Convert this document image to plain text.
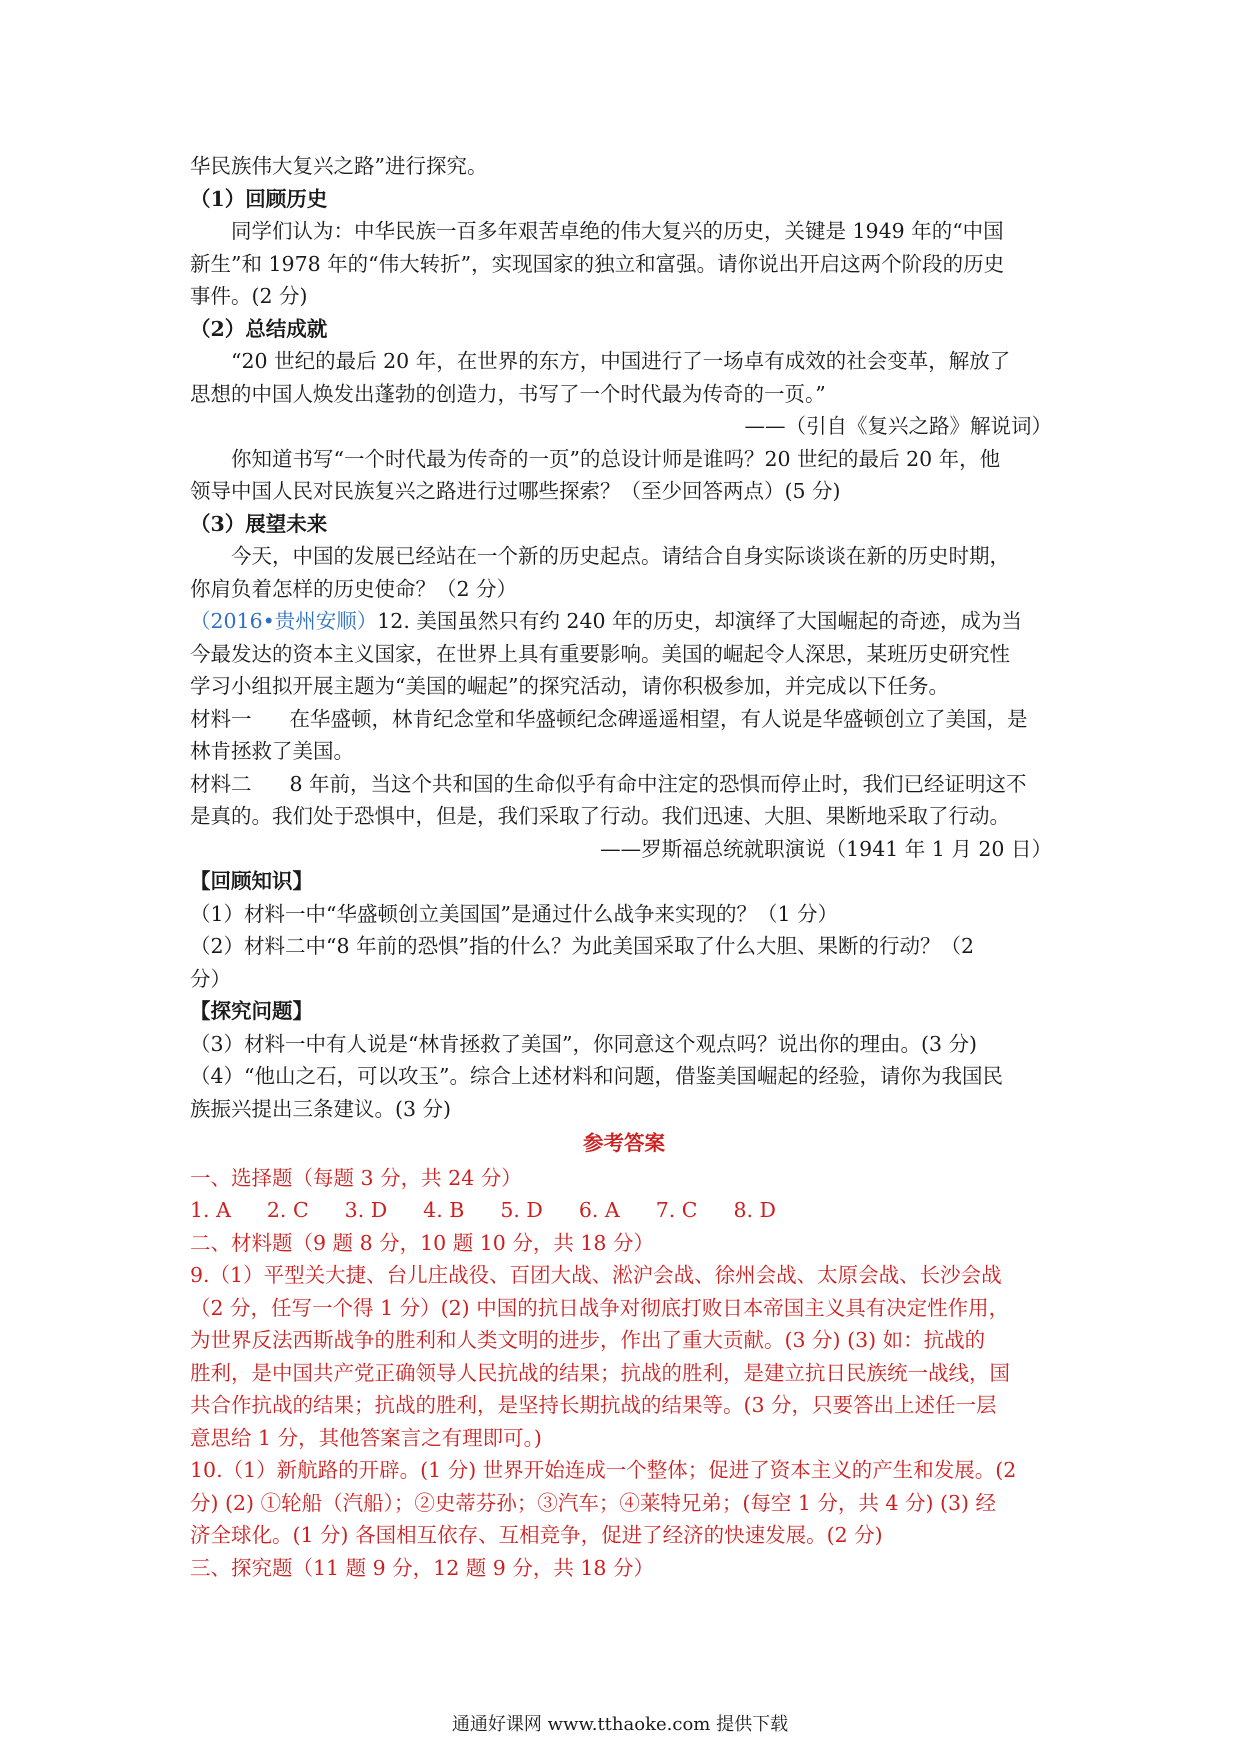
华民族伟大复兴之路”进行探究。
（1）回顾历史
同学们认为：中华民族一百多年艰苦卓绝的伟大复兴的历史，关键是 1949 年的“中国
新生”和 1978 年的“伟大转折”，实现国家的独立和富强。请你说出开启这两个阶段的历史
事件。(2 分)
（2）总结成就
“20 世纪的最后 20 年，在世界的东方，中国进行了一场卓有成效的社会变革，解放了
思想的中国人焕发出蓬勃的创造力，书写了一个时代最为传奇的一页。”
——（引自《复兴之路》解说词）
你知道书写“一个时代最为传奇的一页”的总设计师是谁吗？20 世纪的最后 20 年，他
领导中国人民对民族复兴之路进行过哪些探索？（至少回答两点）(5 分)
（3）展望未来
今天，中国的发展已经站在一个新的历史起点。请结合自身实际谈谈在新的历史时期，
你肩负着怎样的历史使命？（2 分）
（2016•贵州安顺）12. 美国虽然只有约 240 年的历史，却演绎了大国崛起的奇迹，成为当
今最发达的资本主义国家，在世界上具有重要影响。美国的崛起令人深思，某班历史研究性
学习小组拟开展主题为“美国的崛起”的探究活动，请你积极参加，并完成以下任务。
材料一 在华盛顿，林肯纪念堂和华盛顿纪念碑遥遥相望，有人说是华盛顿创立了美国，是
林肯拯救了美国。
材料二 8 年前，当这个共和国的生命似乎有命中注定的恐惧而停止时，我们已经证明这不
是真的。我们处于恐惧中，但是，我们采取了行动。我们迅速、大胆、果断地采取了行动。
——罗斯福总统就职演说（1941 年 1 月 20 日）
【回顾知识】
（1）材料一中“华盛顿创立美国国”是通过什么战争来实现的？（1 分）
（2）材料二中“8 年前的恐惧”指的什么？为此美国采取了什么大胆、果断的行动？（2
分）
【探究问题】
（3）材料一中有人说是“林肯拯救了美国”，你同意这个观点吗？说出你的理由。(3 分)
（4）“他山之石，可以攻玉”。综合上述材料和问题，借鉴美国崛起的经验，请你为我国民
族振兴提出三条建议。(3 分)
参考答案
一、选择题（每题 3 分，共 24 分）
1. A 2. C 3. D 4. B 5. D 6. A 7. C 8. D
二、材料题（9 题 8 分，10 题 10 分，共 18 分）
9.（1）平型关大捷、台儿庄战役、百团大战、淞沪会战、徐州会战、太原会战、长沙会战
（2 分，任写一个得 1 分）(2) 中国的抗日战争对彻底打败日本帝国主义具有决定性作用，
为世界反法西斯战争的胜利和人类文明的进步，作出了重大贡献。(3 分) (3) 如：抗战的
胜利，是中国共产党正确领导人民抗战的结果；抗战的胜利，是建立抗日民族统一战线，国
共合作抗战的结果；抗战的胜利，是坚持长期抗战的结果等。(3 分，只要答出上述任一层
意思给 1 分，其他答案言之有理即可。)
10.（1）新航路的开辟。(1 分) 世界开始连成一个整体；促进了资本主义的产生和发展。(2
分) (2) ①轮船（汽船）；②史蒂芬孙；③汽车；④莱特兄弟；(每空 1 分，共 4 分) (3) 经
济全球化。(1 分) 各国相互依存、互相竞争，促进了经济的快速发展。(2 分)
三、探究题（11 题 9 分，12 题 9 分，共 18 分）
通通好课网 www.tthaoke.com 提供下载
